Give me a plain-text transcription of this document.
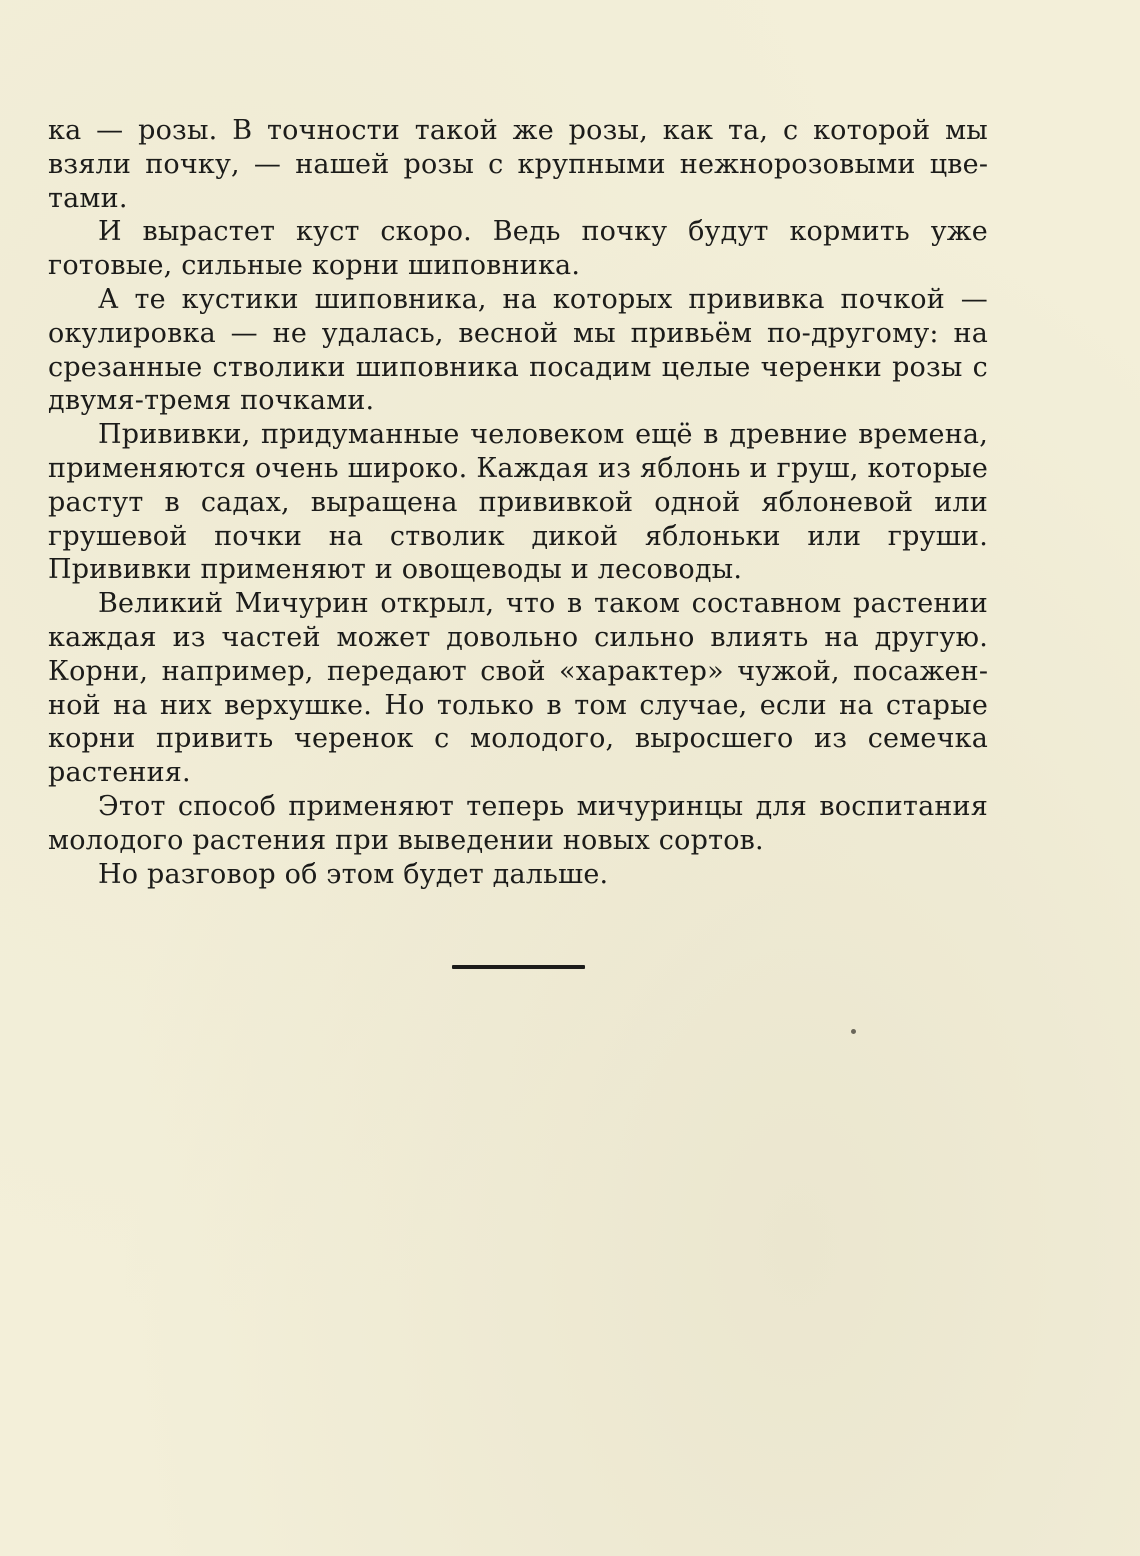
ка — розы. В точности такой же розы, как та, с которой мы взяли почку, — нашей розы с крупными нежнорозовыми цветами.

И вырастет куст скоро. Ведь почку будут кормить уже готовые, сильные корни шиповника.

А те кустики шиповника, на которых прививка почкой — окулировка — не удалась, весной мы привьём по-другому: на срезанные стволики шиповника посадим целые черенки розы с двумя-тремя почками.

Прививки, придуманные человеком ещё в древние времена, применяются очень широко. Каждая из яблонь и груш, которые растут в садах, выращена прививкой одной яблоневой или грушевой почки на стволик дикой яблоньки или груши. Прививки применяют и овощеводы и лесоводы.

Великий Мичурин открыл, что в таком составном растении каждая из частей может довольно сильно влиять на другую. Корни, например, передают свой «характер» чужой, посаженной на них верхушке. Но только в том случае, если на старые корни привить черенок с молодого, выросшего из семечка растения.

Этот способ применяют теперь мичуринцы для воспитания молодого растения при выведении новых сортов.

Но разговор об этом будет дальше.
